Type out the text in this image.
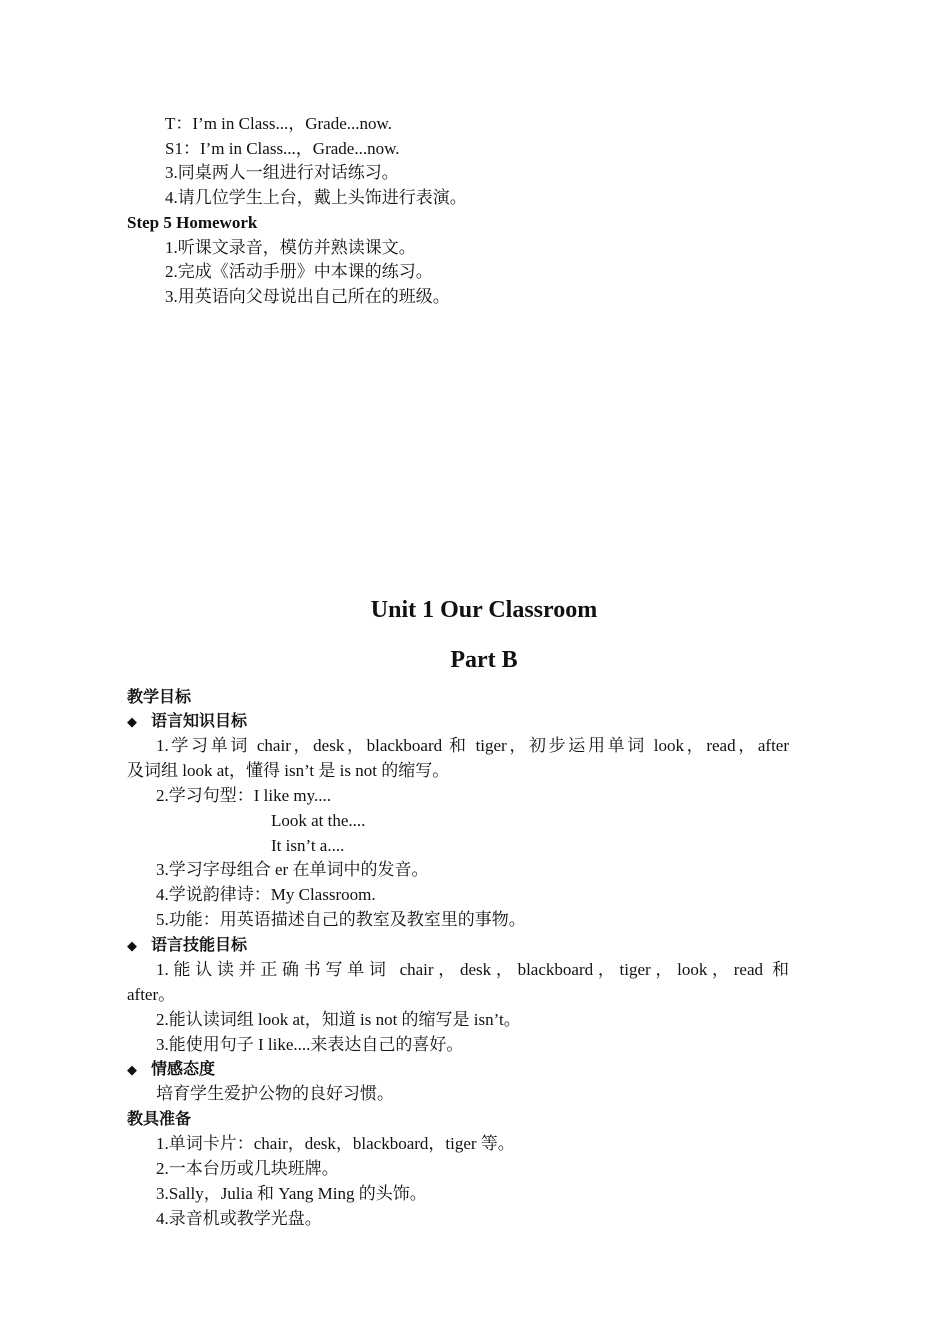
T：I’m in Class...，Grade...now.
S1：I’m in Class...，Grade...now.
3.同桌两人一组进行对话练习。
4.请几位学生上台，戴上头饰进行表演。
Step 5 Homework
1.听课文录音，模仿并熟读课文。
2.完成《活动手册》中本课的练习。
3.用英语向父母说出自己所在的班级。
Unit 1 Our Classroom
Part B
教学目标
◆ 语言知识目标
1.学习单词 chair，desk，blackboard 和 tiger，初步运用单词 look，read，after
及词组 look at，懂得 isn’t 是 is not 的缩写。
2.学习句型：I like my....
Look at the....
It isn’t a....
3.学习字母组合 er 在单词中的发音。
4.学说韵律诗：My Classroom.
5.功能：用英语描述自己的教室及教室里的事物。
◆ 语言技能目标
1.能认读并正确书写单词 chair，desk，blackboard，tiger，look，read 和
after。
2.能认读词组 look at，知道 is not 的缩写是 isn’t。
3.能使用句子 I like....来表达自己的喜好。
◆ 情感态度
培育学生爱护公物的良好习惯。
教具准备
1.单词卡片：chair，desk，blackboard，tiger 等。
2.一本台历或几块班牌。
3.Sally，Julia 和 Yang Ming 的头饰。
4.录音机或教学光盘。
